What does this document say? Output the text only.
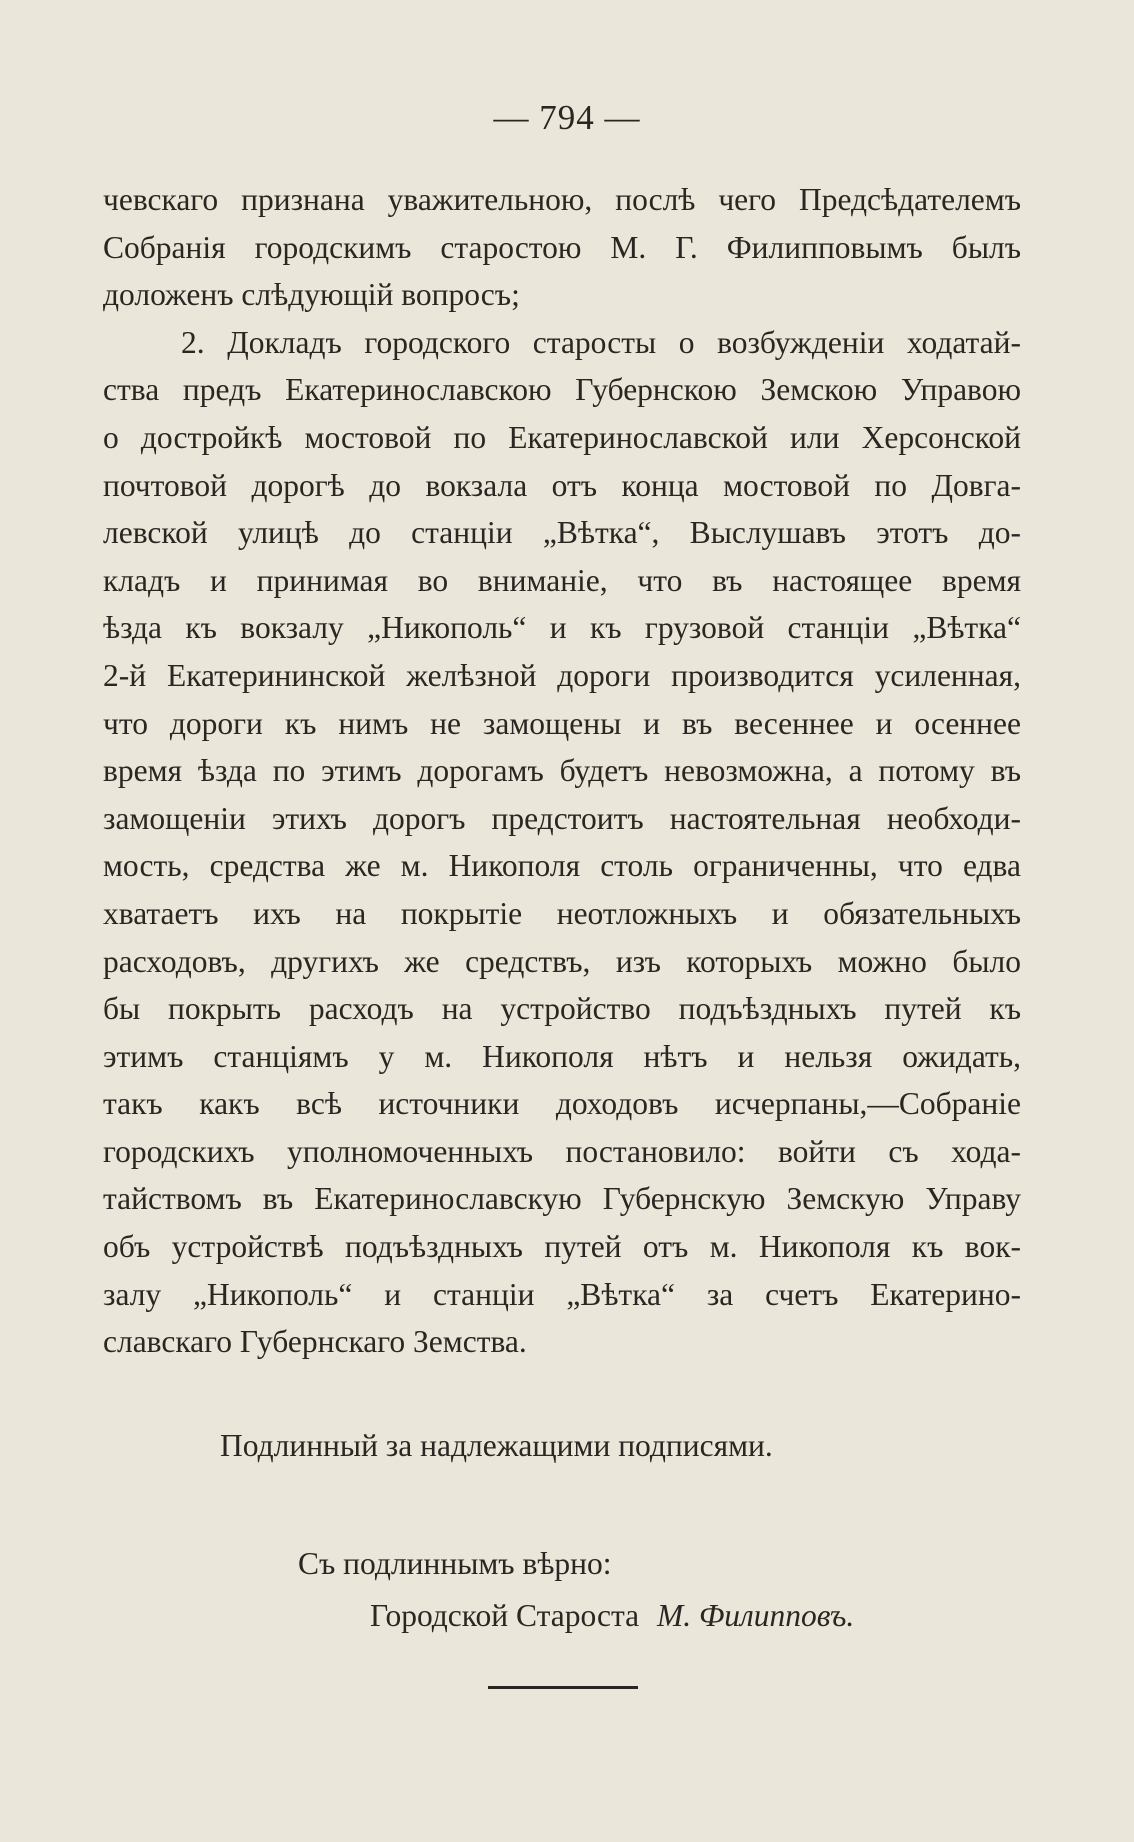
— 794 —
чевскаго признана уважительною, послѣ чего Предсѣдателемъ
Собранія городскимъ старостою М. Г. Филипповымъ былъ
доложенъ слѣдующій вопросъ;
2. Докладъ городского старосты о возбужденіи ходатай-
ства предъ Екатеринославскою Губернскою Земскою Управою
о достройкѣ мостовой по Екатеринославской или Херсонской
почтовой дорогѣ до вокзала отъ конца мостовой по Довга-
левской улицѣ до станціи „Вѣтка“, Выслушавъ этотъ до-
кладъ и принимая во вниманіе, что въ настоящее время
ѣзда къ вокзалу „Никополь“ и къ грузовой станціи „Вѣтка“
2-й Екатерининской желѣзной дороги производится усиленная,
что дороги къ нимъ не замощены и въ весеннее и осеннее
время ѣзда по этимъ дорогамъ будетъ невозможна, а потому въ
замощеніи этихъ дорогъ предстоитъ настоятельная необходи-
мость, средства же м. Никополя столь ограниченны, что едва
хватаетъ ихъ на покрытіе неотложныхъ и обязательныхъ
расходовъ, другихъ же средствъ, изъ которыхъ можно было
бы покрыть расходъ на устройство подъѣздныхъ путей къ
этимъ станціямъ у м. Никополя нѣтъ и нельзя ожидать,
такъ какъ всѣ источники доходовъ исчерпаны,—Собраніе
городскихъ уполномоченныхъ постановило: войти съ хода-
тайствомъ въ Екатеринославскую Губернскую Земскую Управу
объ устройствѣ подъѣздныхъ путей отъ м. Никополя къ вок-
залу „Никополь“ и станціи „Вѣтка“ за счетъ Екатерино-
славскаго Губернскаго Земства.
Подлинный за надлежащими подписями.
Съ подлиннымъ вѣрно:
Городской Староста М. Филипповъ.
